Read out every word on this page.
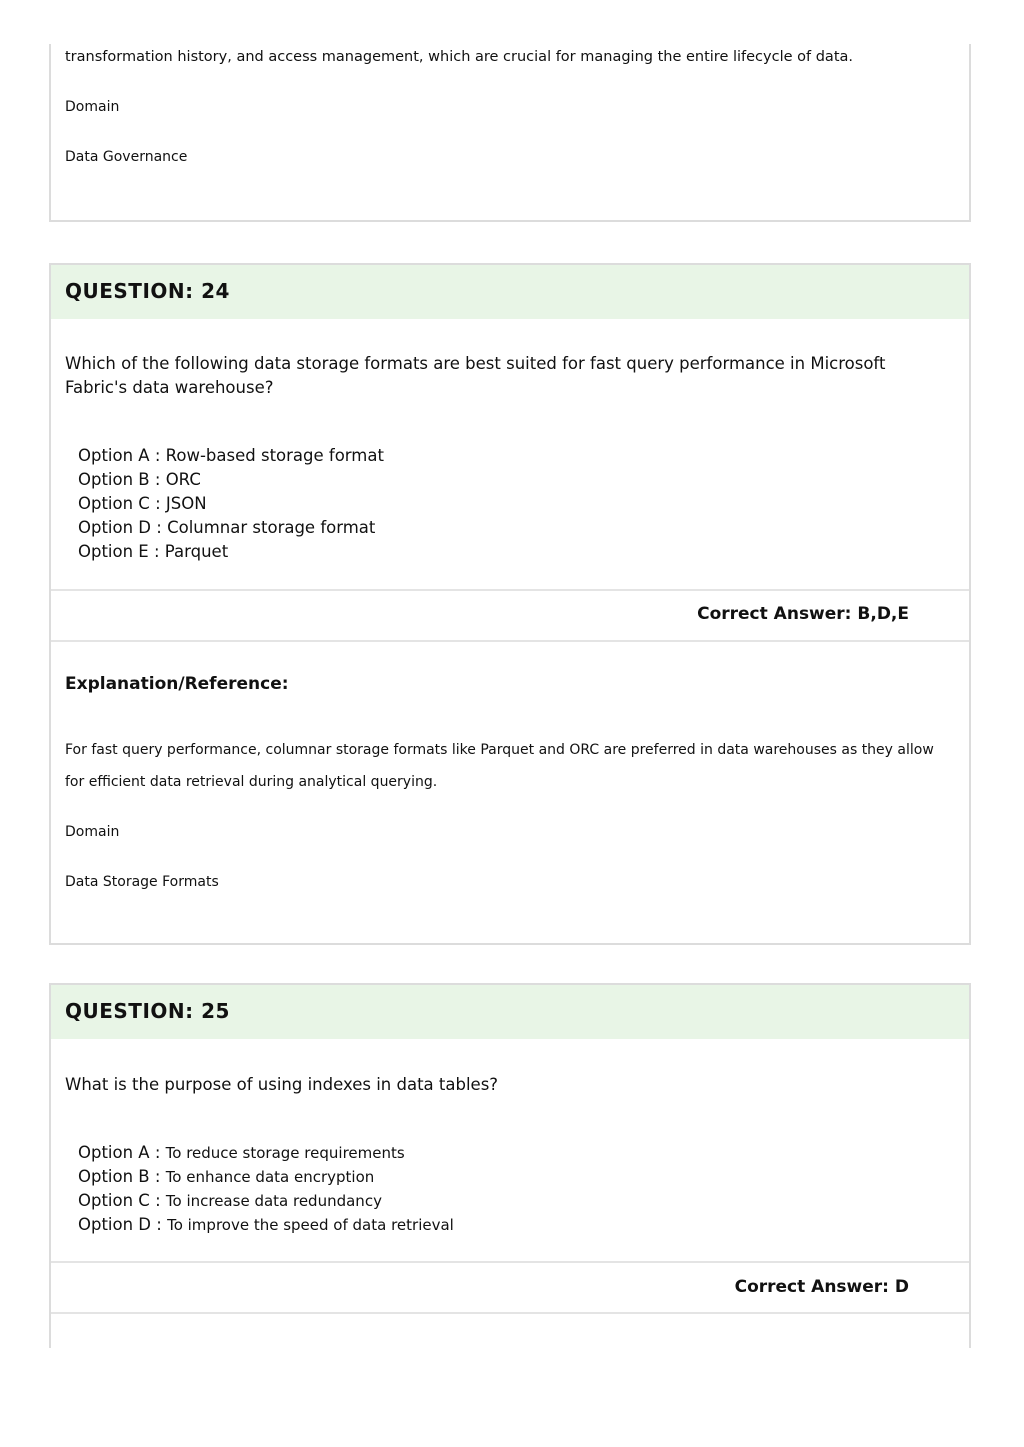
transformation history, and access management, which are crucial for managing the entire lifecycle of data.
Domain
Data Governance
QUESTION: 24
Which of the following data storage formats are best suited for fast query performance in Microsoft Fabric's data warehouse?
Option A : Row-based storage format
Option B : ORC
Option C : JSON
Option D : Columnar storage format
Option E : Parquet
Correct Answer: B,D,E
Explanation/Reference:
For fast query performance, columnar storage formats like Parquet and ORC are preferred in data warehouses as they allow for efficient data retrieval during analytical querying.
Domain
Data Storage Formats
QUESTION: 25
What is the purpose of using indexes in data tables?
Option A : To reduce storage requirements
Option B : To enhance data encryption
Option C : To increase data redundancy
Option D : To improve the speed of data retrieval
Correct Answer: D
